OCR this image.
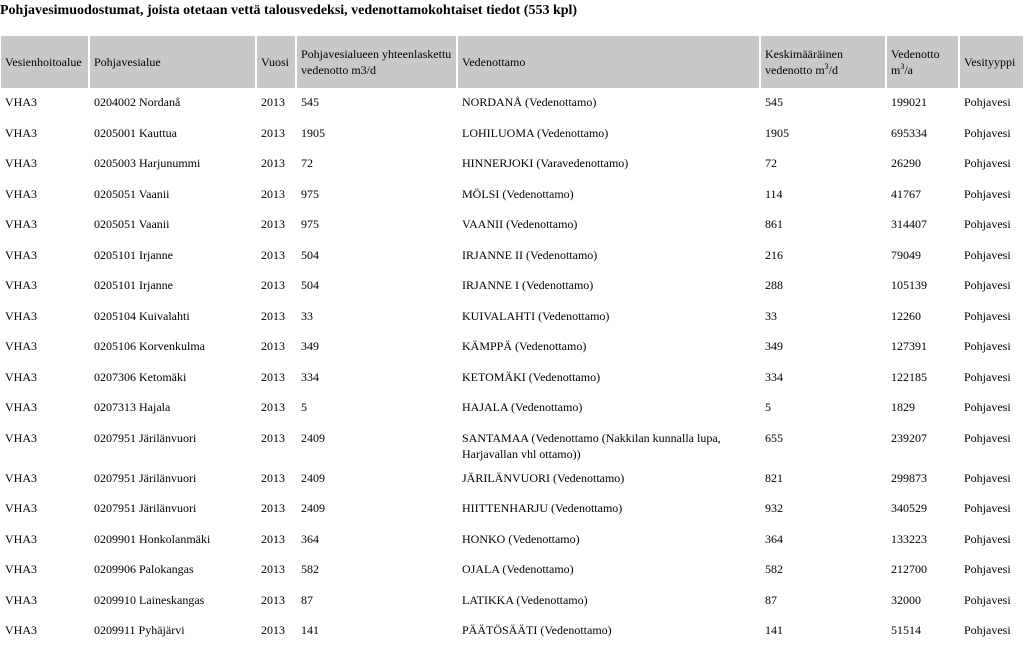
Pohjavesimuodostumat, joista otetaan vettä talousvedeksi, vedenottamokohtaiset tiedot (553 kpl)
Vesienhoitoalue	Pohjavesialue	Vuosi	Pohjavesialueen yhteenlaskettu vedenotto m3/d	Vedenottamo	Keskimääräinen vedenotto $m^3/d$	Vedenotto $m^3/a$	Vesityyppi
VHA3	0204002 Nordanå	2013	545	NORDANÅ (Vedenottamo)	545	199021	Pohjavesi
VHA3	0205001 Kauttua	2013	1905	LOHILUOMA (Vedenottamo)	1905	695334	Pohjavesi
VHA3	0205003 Harjunummi	2013	72	HINNERJOKI (Varavedenottamo)	72	26290	Pohjavesi
VHA3	0205051 Vaanii	2013	975	MÖLSI (Vedenottamo)	114	41767	Pohjavesi
VHA3	0205051 Vaanii	2013	975	VAANII (Vedenottamo)	861	314407	Pohjavesi
VHA3	0205101 Irjanne	2013	504	IRJANNE II (Vedenottamo)	216	79049	Pohjavesi
VHA3	0205101 Irjanne	2013	504	IRJANNE I (Vedenottamo)	288	105139	Pohjavesi
VHA3	0205104 Kuivalahti	2013	33	KUIVALAHTI (Vedenottamo)	33	12260	Pohjavesi
VHA3	0205106 Korvenkulma	2013	349	KÄMPPÄ (Vedenottamo)	349	127391	Pohjavesi
VHA3	0207306 Ketomäki	2013	334	KETOMÄKI (Vedenottamo)	334	122185	Pohjavesi
VHA3	0207313 Hajala	2013	5	HAJALA (Vedenottamo)	5	1829	Pohjavesi
VHA3	0207951 Järilänvuori	2013	2409	SANTAMAA (Vedenottamo (Nakkilan kunnalla lupa, Harjavallan vhl ottamo))	655	239207	Pohjavesi
VHA3	0207951 Järilänvuori	2013	2409	JÄRILÄNVUORI (Vedenottamo)	821	299873	Pohjavesi
VHA3	0207951 Järilänvuori	2013	2409	HIITTENHARJU (Vedenottamo)	932	340529	Pohjavesi
VHA3	0209901 Honkolanmäki	2013	364	HONKO (Vedenottamo)	364	133223	Pohjavesi
VHA3	0209906 Palokangas	2013	582	OJALA (Vedenottamo)	582	212700	Pohjavesi
VHA3	0209910 Laineskangas	2013	87	LATIKKA (Vedenottamo)	87	32000	Pohjavesi
VHA3	0209911 Pyhäjärvi	2013	141	PÄÄTÖSÄÄTI (Vedenottamo)	141	51514	Pohjavesi
